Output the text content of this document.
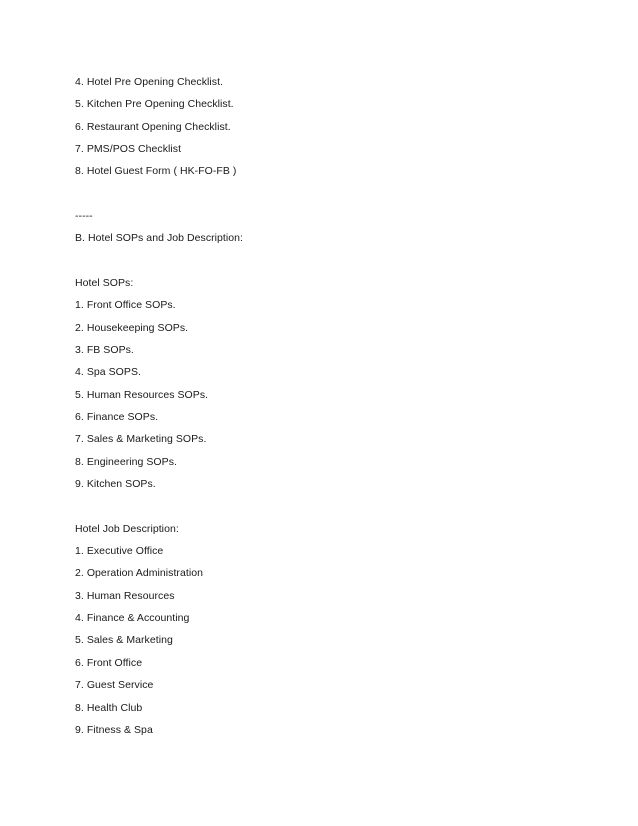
4. Hotel Pre Opening Checklist.
5. Kitchen Pre Opening Checklist.
6. Restaurant Opening Checklist.
7. PMS/POS Checklist
8. Hotel Guest Form ( HK-FO-FB )
-----
B. Hotel SOPs and Job Description:
Hotel SOPs:
1. Front Office SOPs.
2. Housekeeping SOPs.
3. FB SOPs.
4. Spa SOPS.
5. Human Resources SOPs.
6. Finance SOPs.
7. Sales & Marketing SOPs.
8. Engineering SOPs.
9. Kitchen SOPs.
Hotel Job Description:
1. Executive Office
2. Operation Administration
3. Human Resources
4. Finance & Accounting
5. Sales & Marketing
6. Front Office
7. Guest Service
8. Health Club
9. Fitness & Spa
